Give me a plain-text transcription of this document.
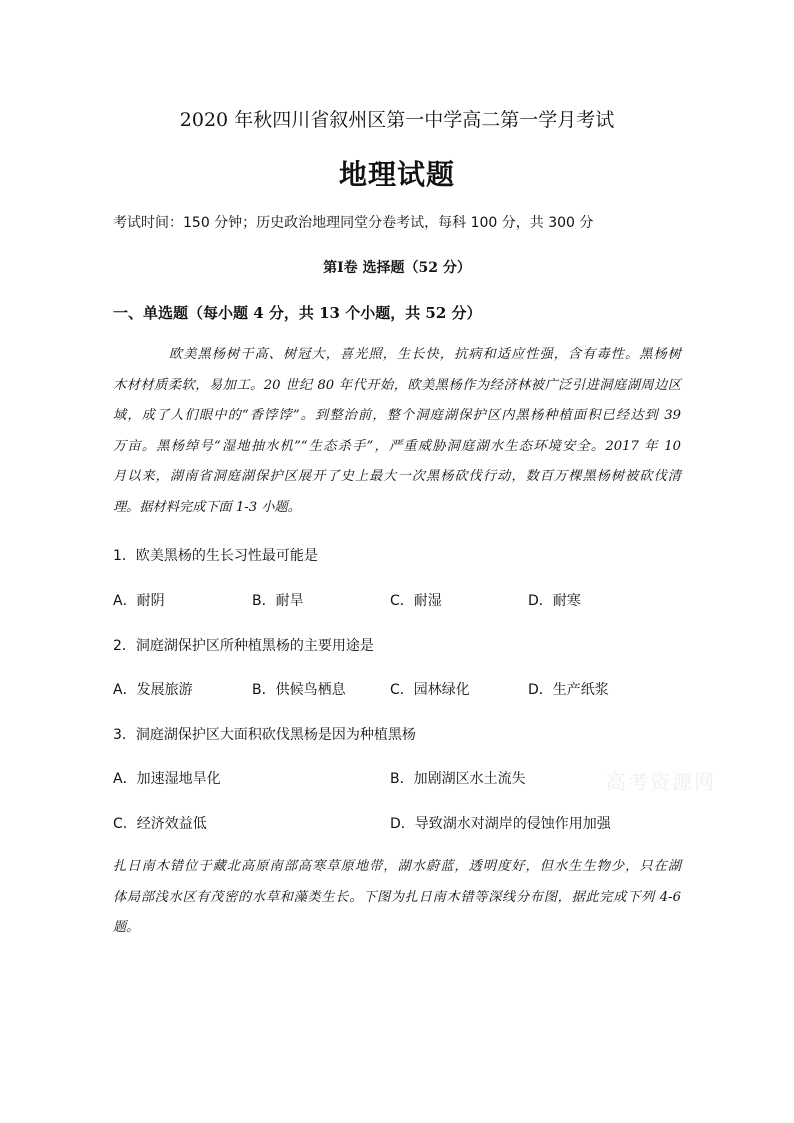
2020 年秋四川省叙州区第一中学高二第一学月考试
地理试题
考试时间：150 分钟；历史政治地理同堂分卷考试，每科 100 分，共 300 分
第Ⅰ卷 选择题（52 分）
一、单选题（每小题 4 分，共 13 个小题，共 52 分）
欧美黑杨树干高、树冠大，喜光照，生长快，抗病和适应性强，含有毒性。黑杨树
木材材质柔软，易加工。20 世纪 80 年代开始，欧美黑杨作为经济林被广泛引进洞庭湖周边区
域，成了人们眼中的“香饽饽”。到整治前，整个洞庭湖保护区内黑杨种植面积已经达到 39
万亩。黑杨绰号“湿地抽水机”“生态杀手”，严重威胁洞庭湖水生态环境安全。2017 年 10
月以来，湖南省洞庭湖保护区展开了史上最大一次黑杨砍伐行动，数百万棵黑杨树被砍伐清
理。据材料完成下面 1-3 小题。
1．欧美黑杨的生长习性最可能是
A．耐阴	B．耐旱	C．耐湿	D．耐寒
2．洞庭湖保护区所种植黑杨的主要用途是
A．发展旅游	B．供候鸟栖息	C．园林绿化	D．生产纸浆
3．洞庭湖保护区大面积砍伐黑杨是因为种植黑杨
A．加速湿地旱化	B．加剧湖区水土流失
C．经济效益低	D．导致湖水对湖岸的侵蚀作用加强
高考资源网
扎日南木错位于藏北高原南部高寒草原地带，湖水蔚蓝，透明度好，但水生生物少，只在湖
体局部浅水区有茂密的水草和藻类生长。下图为扎日南木错等深线分布图，据此完成下列 4-6
题。
